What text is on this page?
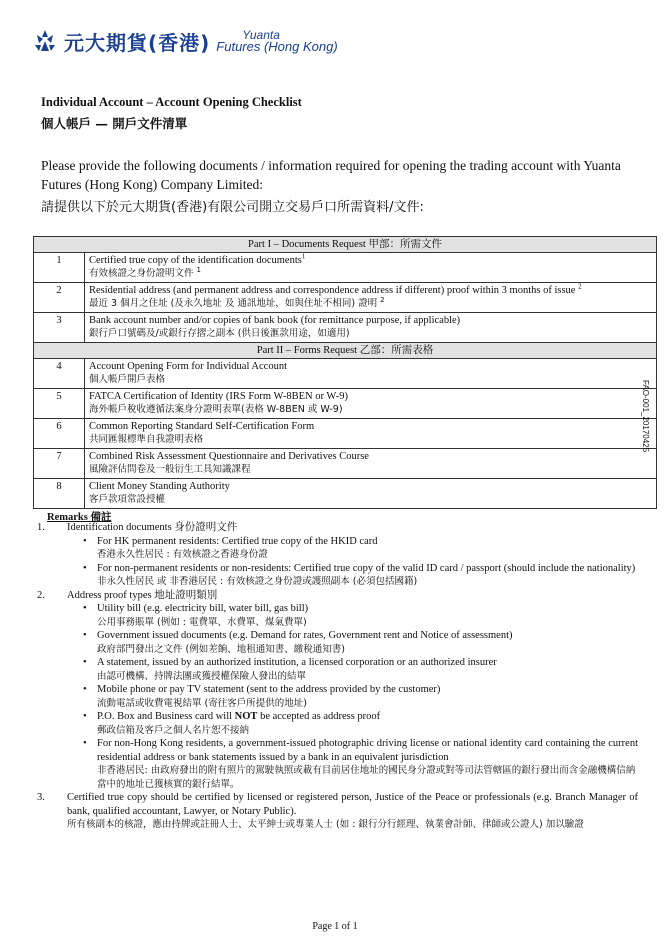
元大期貨(香港)	Yuanta
Futures (Hong Kong)
Individual Account – Account Opening Checklist
個人帳戶 — 開戶文件清單
Please provide the following documents / information required for opening the trading account with Yuanta Futures (Hong Kong) Company Limited:
請提供以下於元大期貨(香港)有限公司開立交易戶口所需資料/文件:
Part I – Documents Request 甲部：所需文件	
1	Certified true copy of the identification documents$^1$
有效核證之身份證明文件 $^1$

2	Residential address (and permanent address and correspondence address if different) proof within 3 months of issue $^2$
最近 3 個月之住址 (及永久地址 及 通訊地址，如與住址不相同) 證明 $^2$

3	Bank account number and/or copies of bank book (for remittance purpose, if applicable)
銀行戶口號碼及/或銀行存摺之副本 (供日後滙款用途，如適用)

Part II – Forms Request 乙部：所需表格	
4	Account Opening Form for Individual Account
個人帳戶開戶表格

5	FATCA Certification of Identity (IRS Form W-8BEN or W-9)
海外帳戶稅收遵循法案身分證明表單(表格 W-8BEN 或 W-9)

6	Common Reporting Standard Self-Certification Form
共同匯報標準自我證明表格

7	Combined Risk Assessment Questionnaire and Derivatives Course
風險評估問卷及一般衍生工具知識課程

8	Client Money Standing Authority
客戶款項常設授權
FAO-001_20170425
Remarks 備註
1.	Identification documents 身份證明文件
• For HK permanent residents: Certified true copy of the HKID card
香港永久性居民 : 有效核證之香港身份證
• For non-permanent residents or non-residents: Certified true copy of the valid ID card / passport (should include the nationality)
非永久性居民 或 非香港居民 : 有效核證之身份證或護照副本 (必須包括國籍)
2.	Address proof types 地址證明類別
• Utility bill (e.g. electricity bill, water bill, gas bill)
公用事務賬單 (例如 : 電費單、水費單、煤氣費單)
• Government issued documents (e.g. Demand for rates, Government rent and Notice of assessment)
政府部門發出之文件 (例如差餉、地租通知書、繳稅通知書)
• A statement, issued by an authorized institution, a licensed corporation or an authorized insurer
由認可機構、持牌法團或獲授權保險人發出的結單
• Mobile phone or pay TV statement (sent to the address provided by the customer)
流動電話或收費電視結單 (寄往客戶所提供的地址)
• P.O. Box and Business card will NOT be accepted as address proof
郵政信箱及客戶之個人名片恕不接納
• For non-Hong Kong residents, a government-issued photographic driving license or national identity card containing the current residential address or bank statements issued by a bank in an equivalent jurisdiction
非香港居民: 由政府發出的附有照片的駕駛執照或載有目前居住地址的國民身分證或對等司法管轄區的銀行發出而含金融機構信納當中的地址已獲核實的銀行結單。
3.	Certified true copy should be certified by licensed or registered person, Justice of the Peace or professionals (e.g. Branch Manager of bank, qualified accountant, Lawyer, or Notary Public).
所有核副本的核證，應由持牌或註冊人士、太平紳士或專業人士 (如 : 銀行分行經理、執業會計師、律師或公證人) 加以驗證
Page 1 of 1
